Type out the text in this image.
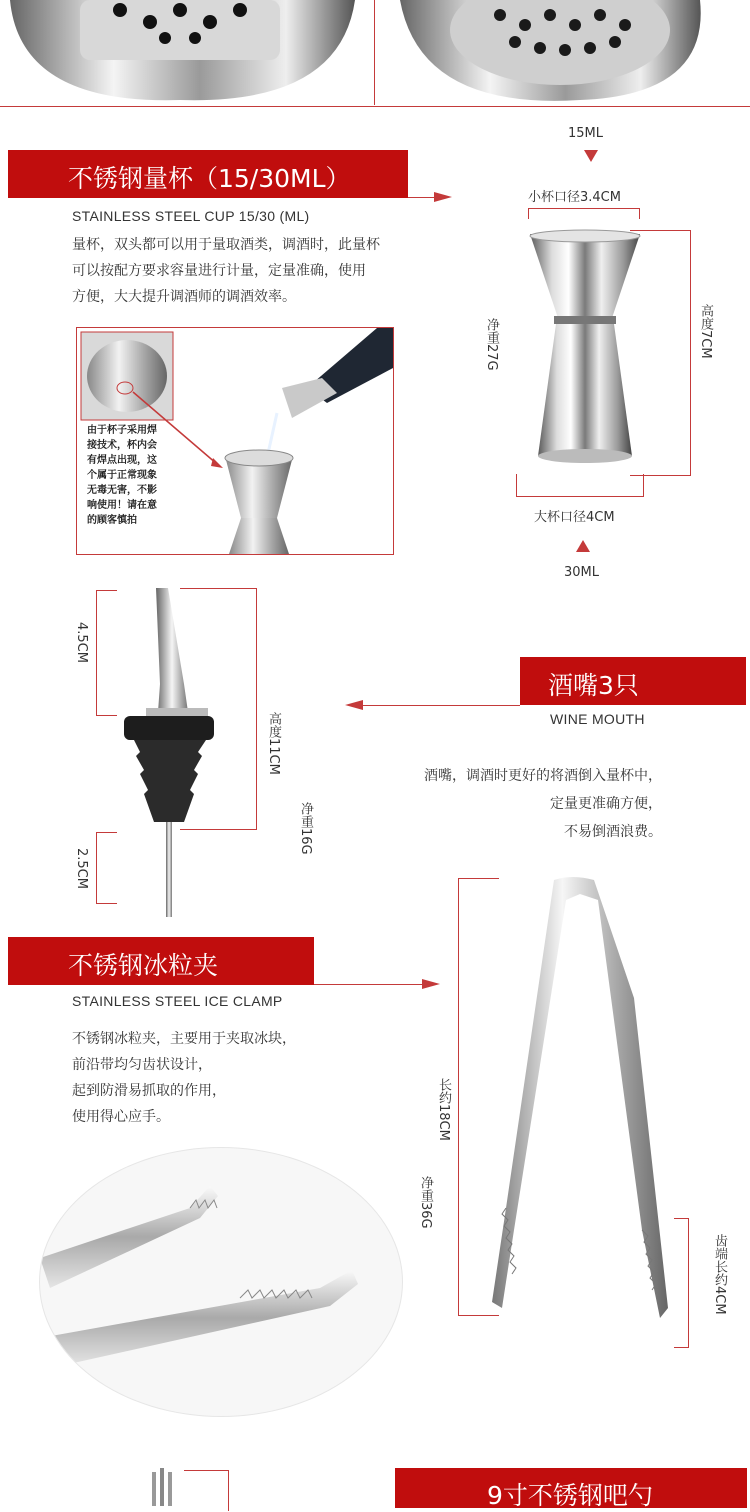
不锈钢量杯（15/30ML）
STAINLESS STEEL CUP 15/30 (ML)
量杯，双头都可以用于量取酒类，调酒时，此量杯
可以按配方要求容量进行计量，定量准确，使用
方便，大大提升调酒师的调酒效率。
由于杯子采用焊
接技术，杯内会
有焊点出现，这
个属于正常现象
无毒无害，不影
响使用！请在意
的顾客慎拍
15ML
小杯口径3.4CM
高度7CM
净重27G
大杯口径4CM
30ML
4.5CM
高度11CM
净重16G
2.5CM
酒嘴3只
WINE MOUTH
酒嘴，调酒时更好的将酒倒入量杯中，
定量更准确方便，
不易倒酒浪费。
不锈钢冰粒夹
STAINLESS STEEL ICE CLAMP
不锈钢冰粒夹，主要用于夹取冰块，
前沿带均匀齿状设计，
起到防滑易抓取的作用，
使用得心应手。	长约18CM
净重36G
齿端长约4CM
9寸不锈钢吧勺
